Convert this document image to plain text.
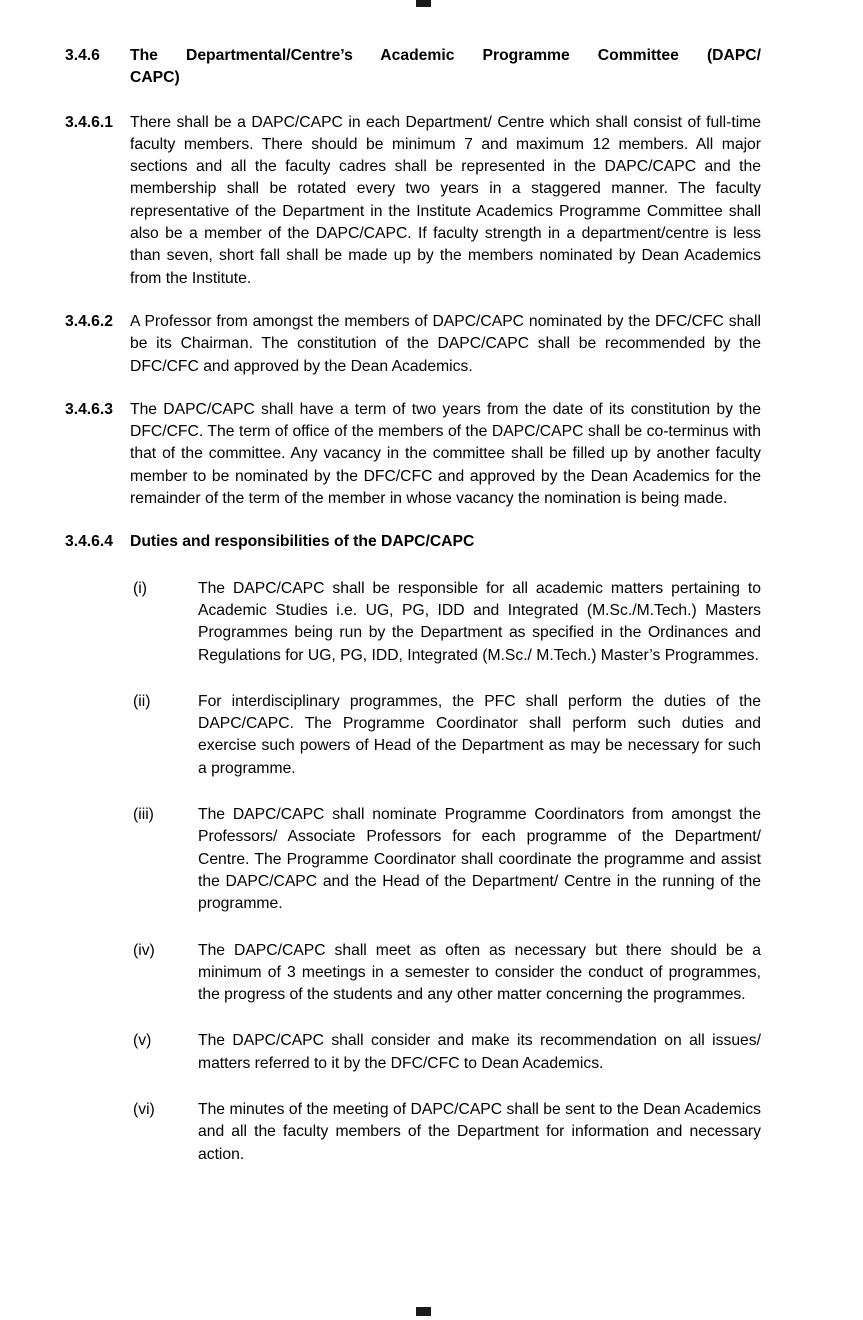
3.4.6	The Departmental/Centre’s Academic Programme Committee (DAPC/
CAPC)
3.4.6.1	There shall be a DAPC/CAPC in each Department/ Centre which shall consist of full-time faculty members. There should be minimum 7 and maximum 12 members. All major sections and all the faculty cadres shall be represented in the DAPC/CAPC and the membership shall be rotated every two years in a staggered manner. The faculty representative of the Department in the Institute Academics Programme Committee shall also be a member of the DAPC/CAPC. If faculty strength in a department/centre is less than seven, short fall shall be made up by the members nominated by Dean Academics from the Institute.
3.4.6.2	A Professor from amongst the members of DAPC/CAPC nominated by the DFC/CFC shall be its Chairman. The constitution of the DAPC/CAPC shall be recommended by the DFC/CFC and approved by the Dean Academics.
3.4.6.3	The DAPC/CAPC shall have a term of two years from the date of its constitution by the DFC/CFC. The term of office of the members of the DAPC/CAPC shall be co-terminus with that of the committee. Any vacancy in the committee shall be filled up by another faculty member to be nominated by the DFC/CFC and approved by the Dean Academics for the remainder of the term of the member in whose vacancy the nomination is being made.
3.4.6.4	Duties and responsibilities of the DAPC/CAPC
(i)	The DAPC/CAPC shall be responsible for all academic matters pertaining to Academic Studies i.e. UG, PG, IDD and Integrated (M.Sc./M.Tech.) Masters Programmes being run by the Department as specified in the Ordinances and Regulations for UG, PG, IDD, Integrated (M.Sc./ M.Tech.) Master’s Programmes.
(ii)	For interdisciplinary programmes, the PFC shall perform the duties of the DAPC/CAPC. The Programme Coordinator shall perform such duties and exercise such powers of Head of the Department as may be necessary for such a programme.
(iii)	The DAPC/CAPC shall nominate Programme Coordinators from amongst the Professors/ Associate Professors for each programme of the Department/ Centre. The Programme Coordinator shall coordinate the programme and assist the DAPC/CAPC and the Head of the Department/ Centre in the running of the programme.
(iv)	The DAPC/CAPC shall meet as often as necessary but there should be a minimum of 3 meetings in a semester to consider the conduct of programmes, the progress of the students and any other matter concerning the programmes.
(v)	The DAPC/CAPC shall consider and make its recommendation on all issues/ matters referred to it by the DFC/CFC to Dean Academics.
(vi)	The minutes of the meeting of DAPC/CAPC shall be sent to the Dean Academics and all the faculty members of the Department for information and necessary action.
